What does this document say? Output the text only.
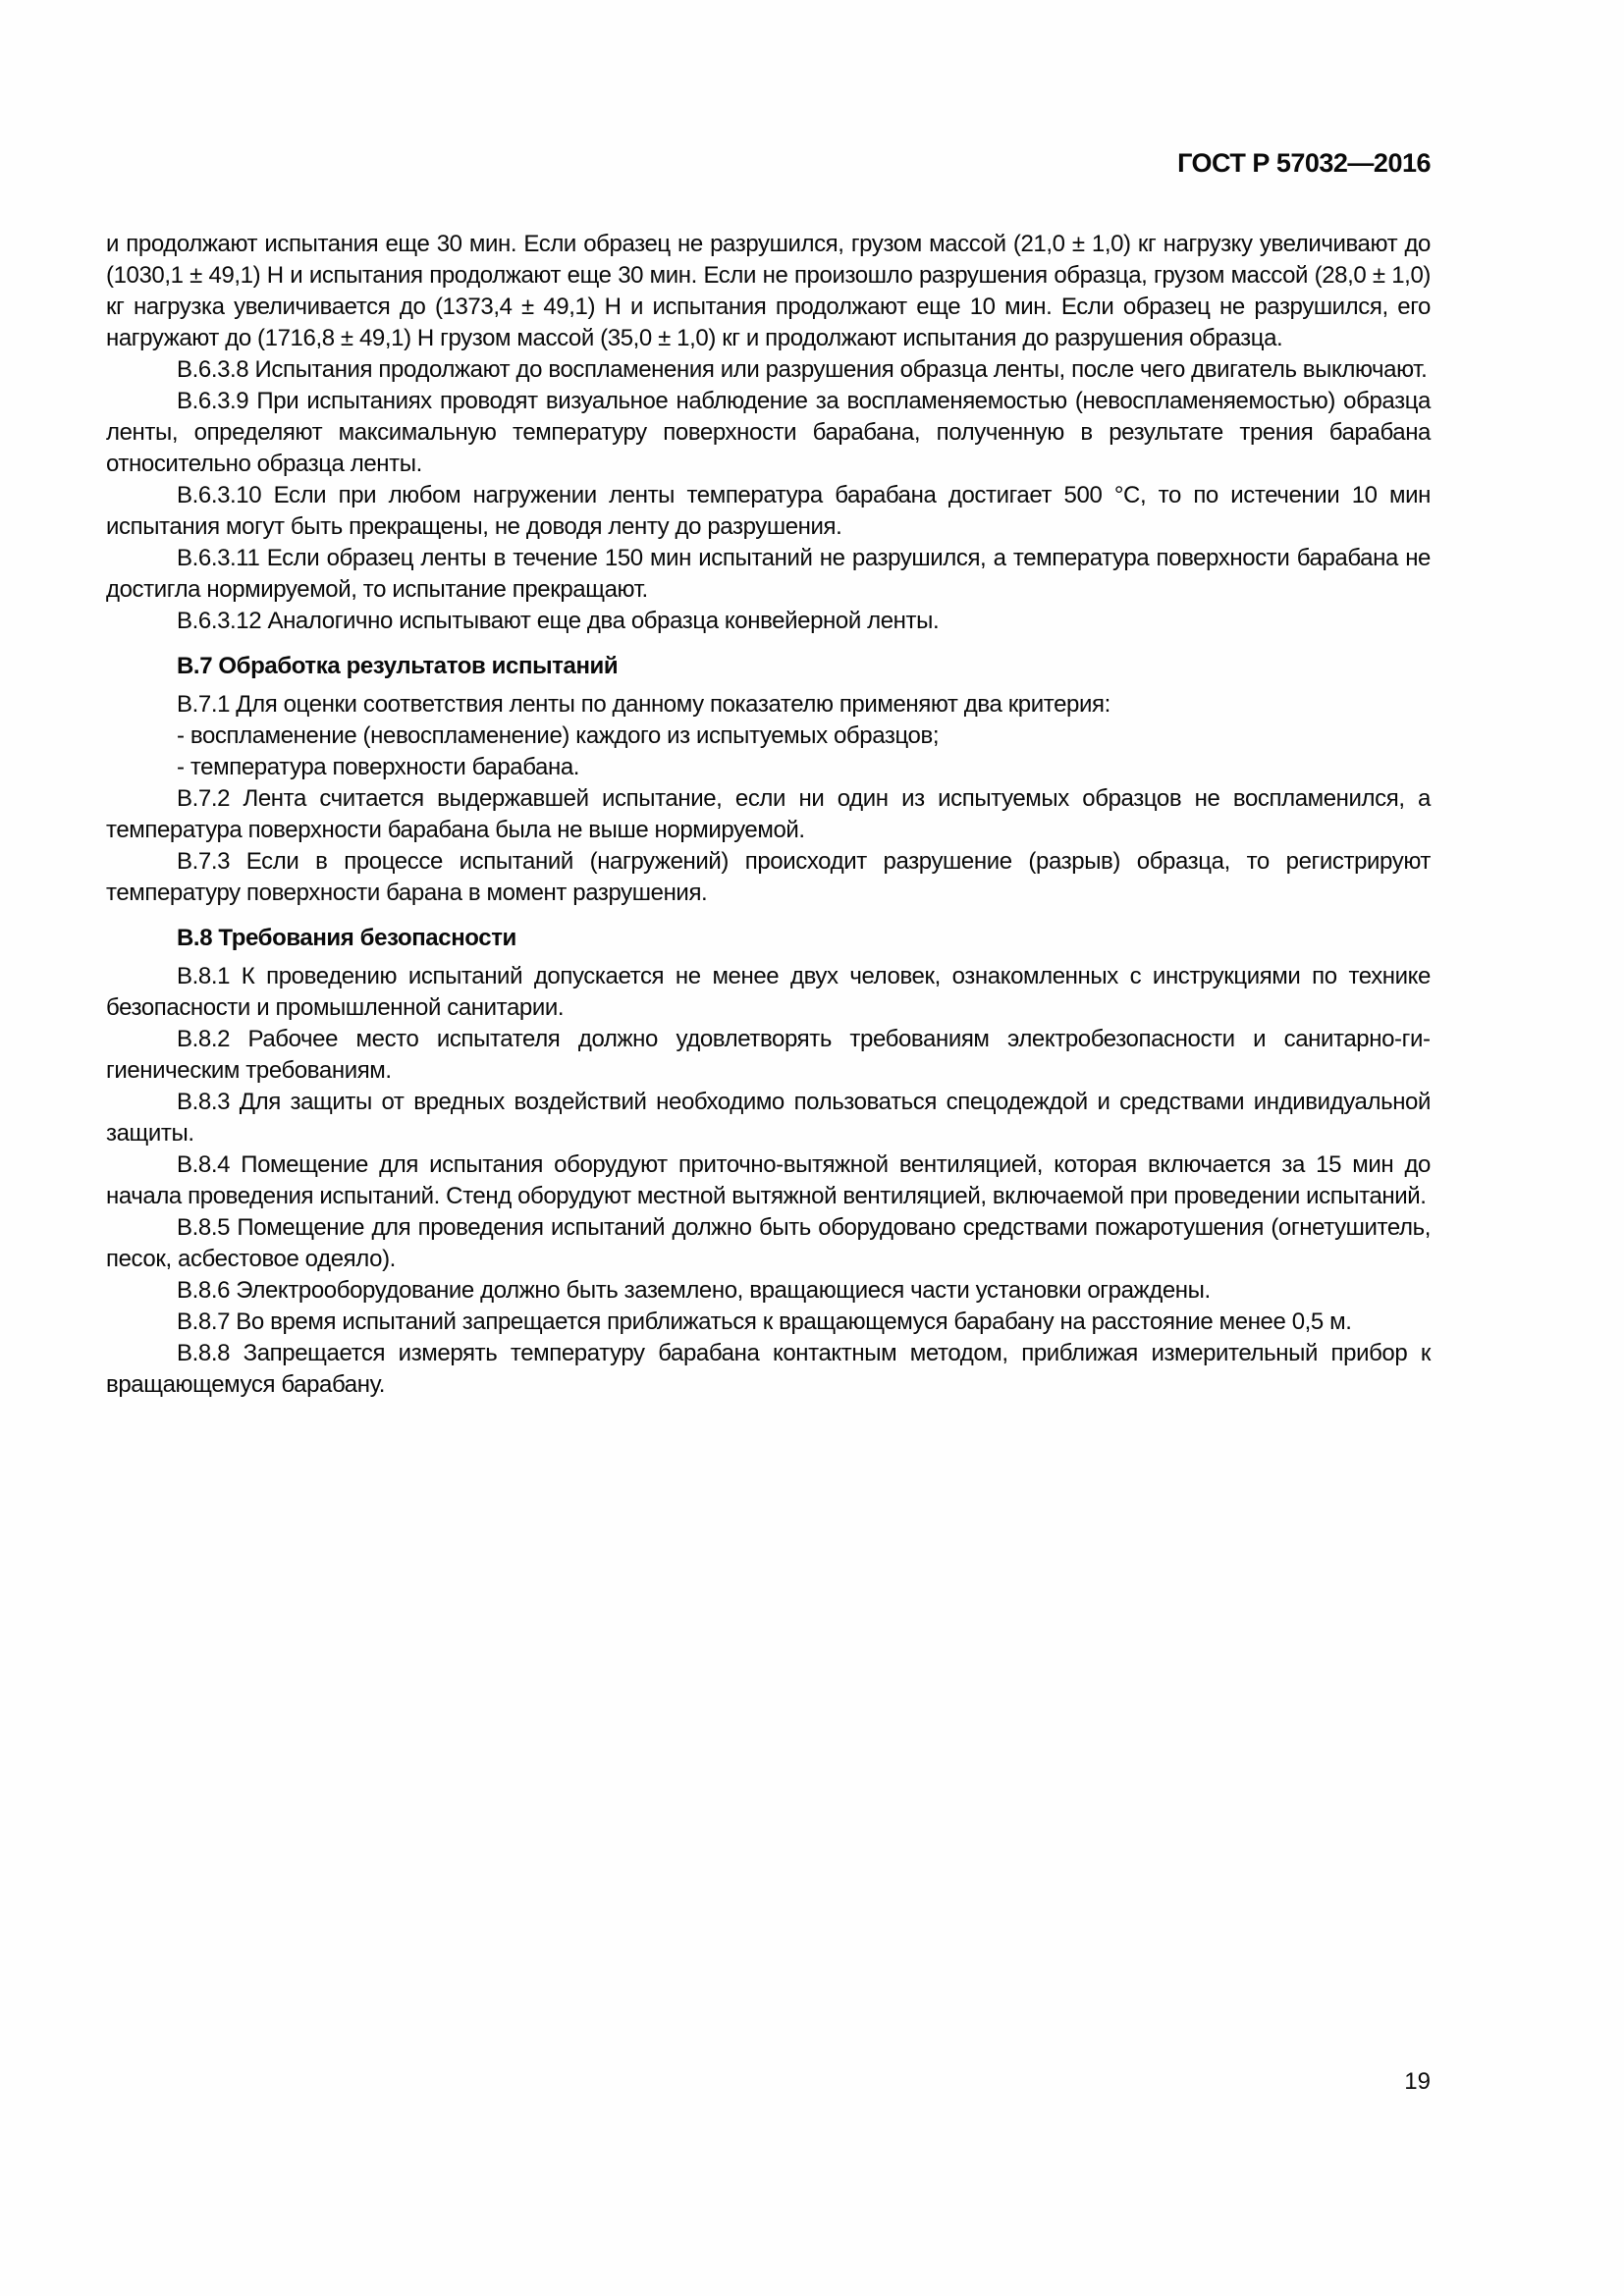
ГОСТ Р 57032—2016

и продолжают испытания еще 30 мин. Если образец не разрушился, грузом массой (21,0 ± 1,0) кг нагрузку увеличивают до (1030,1 ± 49,1) Н и испытания продолжают еще 30 мин. Если не произошло разрушения образца, грузом массой (28,0 ± 1,0) кг нагрузка увеличивается до (1373,4 ± 49,1) Н и испытания продолжают еще 10 мин. Если образец не разрушился, его нагружают до (1716,8 ± 49,1) Н грузом массой (35,0 ± 1,0) кг и продолжают испытания до разрушения образца.

В.6.3.8 Испытания продолжают до воспламенения или разрушения образца ленты, после чего двигатель выключают.

В.6.3.9 При испытаниях проводят визуальное наблюдение за воспламеняемостью (невоспламеняемостью) образца ленты, определяют максимальную температуру поверхности барабана, полученную в результате трения барабана относительно образца ленты.

В.6.3.10 Если при любом нагружении ленты температура барабана достигает 500 °С, то по истечении 10 мин испытания могут быть прекращены, не доводя ленту до разрушения.

В.6.3.11 Если образец ленты в течение 150 мин испытаний не разрушился, а температура поверхности барабана не достигла нормируемой, то испытание прекращают.

В.6.3.12 Аналогично испытывают еще два образца конвейерной ленты.

В.7 Обработка результатов испытаний

В.7.1 Для оценки соответствия ленты по данному показателю применяют два критерия:

- воспламенение (невоспламенение) каждого из испытуемых образцов;

- температура поверхности барабана.

В.7.2 Лента считается выдержавшей испытание, если ни один из испытуемых образцов не воспламенился, а температура поверхности барабана была не выше нормируемой.

В.7.3 Если в процессе испытаний (нагружений) происходит разрушение (разрыв) образца, то регистрируют температуру поверхности барана в момент разрушения.

В.8 Требования безопасности

В.8.1 К проведению испытаний допускается не менее двух человек, ознакомленных с инструкциями по технике безопасности и промышленной санитарии.

В.8.2 Рабочее место испытателя должно удовлетворять требованиям электробезопасности и санитарно-гигиеническим требованиям.

В.8.3 Для защиты от вредных воздействий необходимо пользоваться спецодеждой и средствами индивидуальной защиты.

В.8.4 Помещение для испытания оборудуют приточно-вытяжной вентиляцией, которая включается за 15 мин до начала проведения испытаний. Стенд оборудуют местной вытяжной вентиляцией, включаемой при проведении испытаний.

В.8.5 Помещение для проведения испытаний должно быть оборудовано средствами пожаротушения (огнетушитель, песок, асбестовое одеяло).

В.8.6 Электрооборудование должно быть заземлено, вращающиеся части установки ограждены.

В.8.7 Во время испытаний запрещается приближаться к вращающемуся барабану на расстояние менее 0,5 м.

В.8.8 Запрещается измерять температуру барабана контактным методом, приближая измерительный прибор к вращающемуся барабану.

19
